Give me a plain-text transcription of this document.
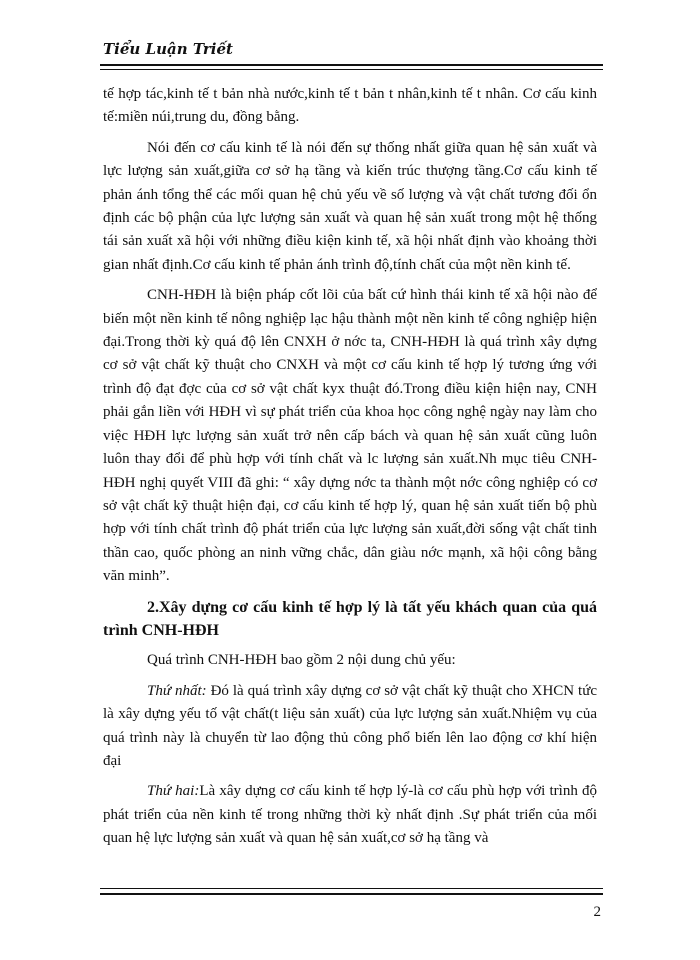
Tiểu Luận Triết

tế hợp tác,kinh tế t bản nhà nước,kinh tế t bản t nhân,kinh tế t nhân. Cơ cấu kinh tế:miền núi,trung du, đồng bằng.

Nói đến cơ cấu kinh tế là nói đến sự thống nhất giữa quan hệ sản xuất và lực lượng sản xuất,giữa cơ sở hạ tầng và kiến trúc thượng tầng.Cơ cấu kinh tế phản ánh tổng thể các mối quan hệ chủ yếu về số lượng và vật chất tương đối ổn định các bộ phận của lực lượng sản xuất và quan hệ sản xuất trong một hệ thống tái sản xuất xã hội với những điều kiện kinh tế, xã hội nhất định vào khoảng thời gian nhất định.Cơ cấu kinh tế phản ánh trình độ,tính chất của một nền kinh tế.

CNH-HĐH là biện pháp cốt lõi của bất cứ hình thái kinh tế xã hội nào để biến một nền kinh tế nông nghiệp lạc hậu thành một nền kinh tế công nghiệp hiện đại.Trong thời kỳ quá độ lên CNXH ở nớc ta, CNH-HĐH là quá trình xây dựng cơ sở vật chất kỹ thuật cho CNXH và một cơ cấu kinh tế hợp lý tương ứng với trình độ đạt đợc của cơ sở vật chất kyx thuật đó.Trong điều kiện hiện nay, CNH phải gắn liền với HĐH vì sự phát triển của khoa học công nghệ ngày nay làm cho việc HĐH lực lượng sản xuất trở nên cấp bách và quan hệ sản xuất cũng luôn luôn thay đổi để phù hợp với tính chất và lc lượng sản xuất.Nh mục tiêu CNH-HĐH nghị quyết VIII đã ghi: “ xây dựng nớc ta thành một nớc công nghiệp có cơ sở vật chất kỹ thuật hiện đại, cơ cấu kinh tế hợp lý, quan hệ sản xuất tiến bộ phù hợp với tính chất trình độ phát triển của lực lượng sản xuất,đời sống vật chất tinh thần cao, quốc phòng an ninh vững chắc, dân giàu nớc mạnh, xã hội công bằng văn minh”.

2.Xây dựng cơ cấu kinh tế hợp lý là tất yếu khách quan của quá trình CNH-HĐH

Quá trình CNH-HĐH bao gồm 2 nội dung chủ yếu:

Thứ nhất: Đó là quá trình xây dựng cơ sở vật chất kỹ thuật cho XHCN tức là xây dựng yếu tố vật chất(t liệu sản xuất) của lực lượng sản xuất.Nhiệm vụ của quá trình này là chuyển từ lao động thủ công phổ biến lên lao động cơ khí hiện đại

Thứ hai:Là xây dựng cơ cấu kinh tế hợp lý-là cơ cấu phù hợp với trình độ phát triển của nền kinh tế trong những thời kỳ nhất định .Sự phát triển của mối quan hệ lực lượng sản xuất và quan hệ sản xuất,cơ sở hạ tầng và

2
